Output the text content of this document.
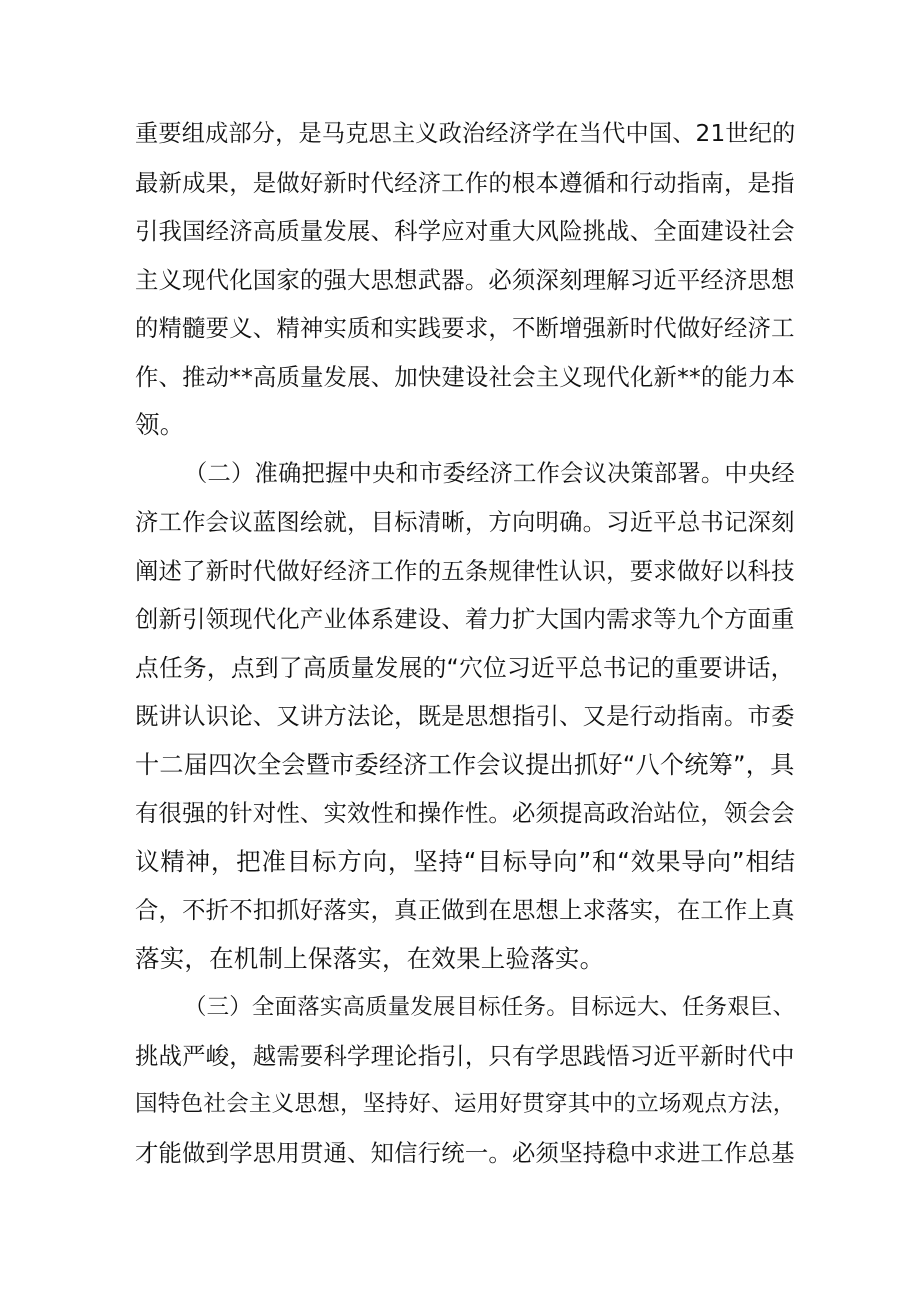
重要组成部分，是马克思主义政治经济学在当代中国、21世纪的
最新成果，是做好新时代经济工作的根本遵循和行动指南，是指
引我国经济高质量发展、科学应对重大风险挑战、全面建设社会
主义现代化国家的强大思想武器。必须深刻理解习近平经济思想
的精髓要义、精神实质和实践要求，不断增强新时代做好经济工
作、推动**高质量发展、加快建设社会主义现代化新**的能力本
领。
（二）准确把握中央和市委经济工作会议决策部署。中央经
济工作会议蓝图绘就，目标清晰，方向明确。习近平总书记深刻
阐述了新时代做好经济工作的五条规律性认识，要求做好以科技
创新引领现代化产业体系建设、着力扩大国内需求等九个方面重
点任务，点到了高质量发展的“穴位习近平总书记的重要讲话，
既讲认识论、又讲方法论，既是思想指引、又是行动指南。市委
十二届四次全会暨市委经济工作会议提出抓好“八个统筹”，具
有很强的针对性、实效性和操作性。必须提高政治站位，领会会
议精神，把准目标方向，坚持“目标导向”和“效果导向”相结
合，不折不扣抓好落实，真正做到在思想上求落实，在工作上真
落实，在机制上保落实，在效果上验落实。
（三）全面落实高质量发展目标任务。目标远大、任务艰巨、
挑战严峻，越需要科学理论指引，只有学思践悟习近平新时代中
国特色社会主义思想，坚持好、运用好贯穿其中的立场观点方法，
才能做到学思用贯通、知信行统一。必须坚持稳中求进工作总基
